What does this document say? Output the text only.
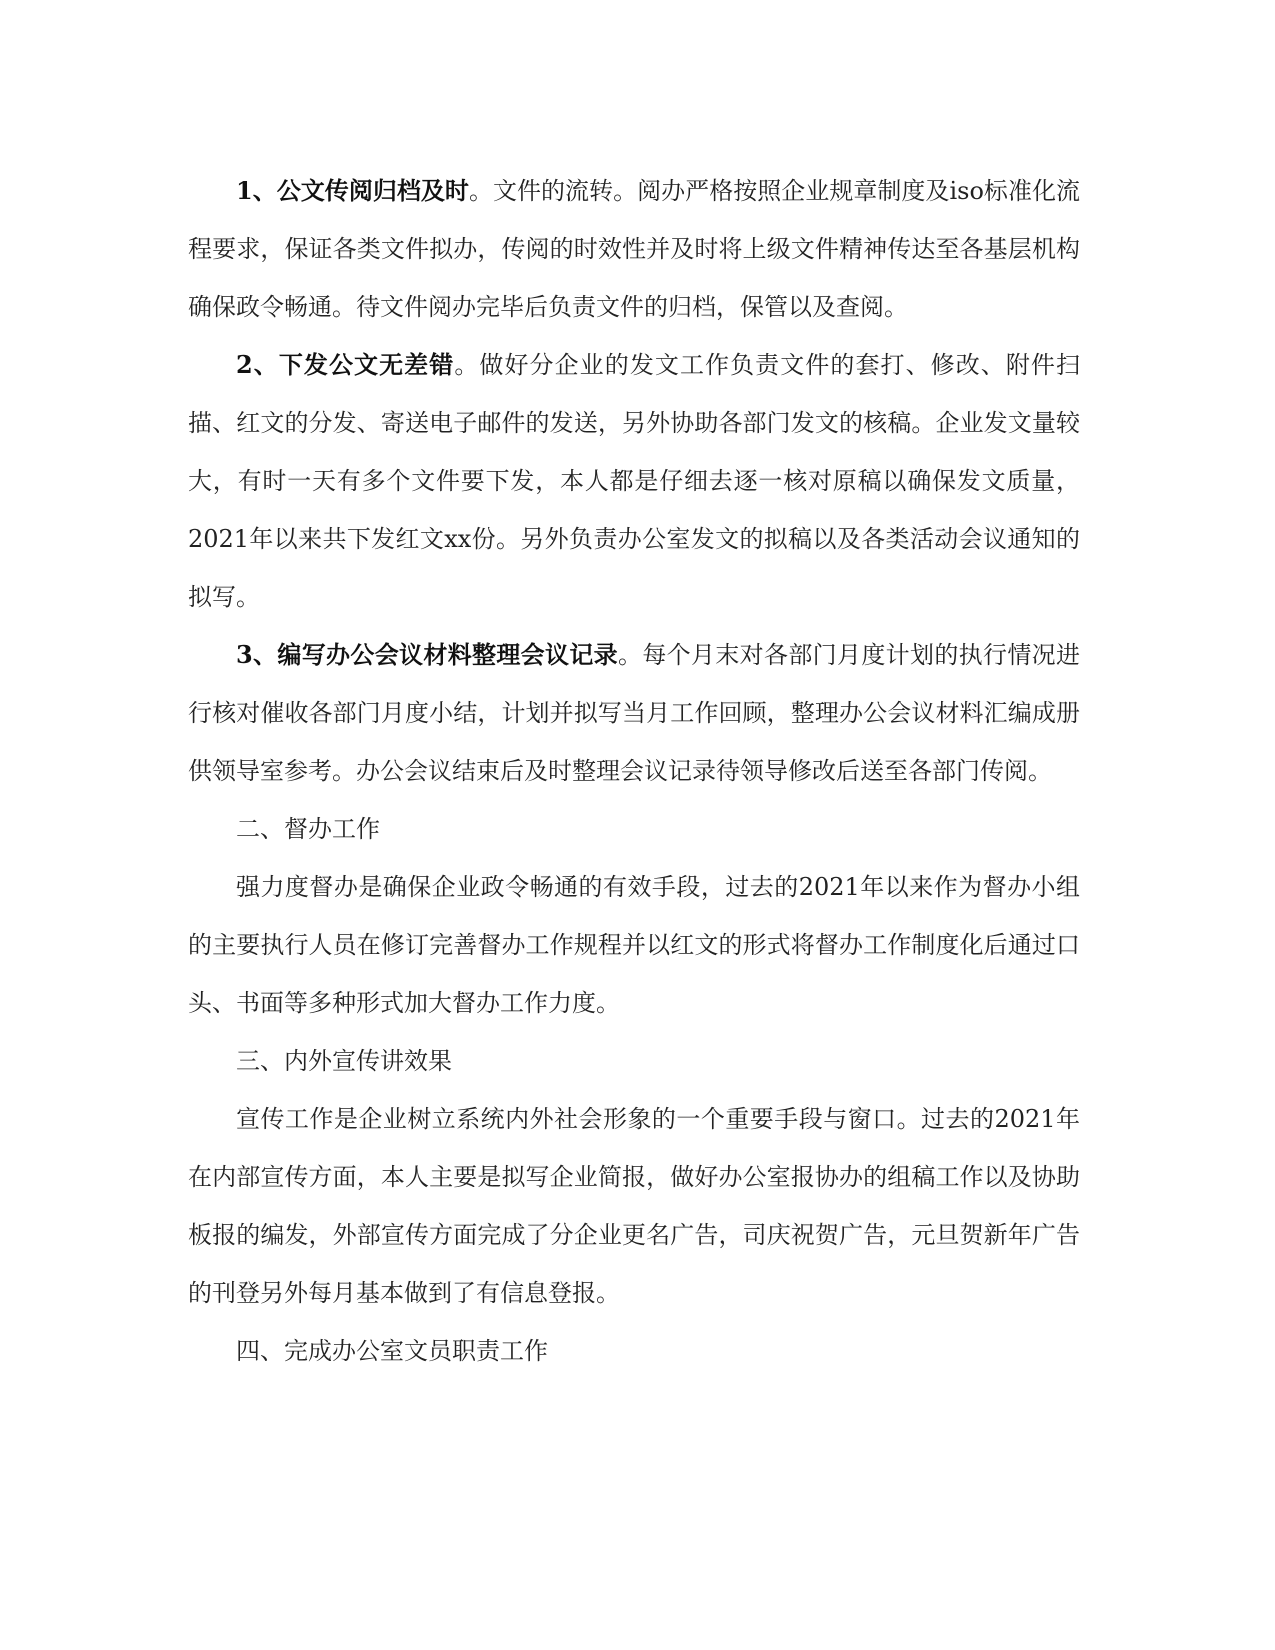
1、公文传阅归档及时。文件的流转。阅办严格按照企业规章制度及iso标准化流程要求，保证各类文件拟办，传阅的时效性并及时将上级文件精神传达至各基层机构确保政令畅通。待文件阅办完毕后负责文件的归档，保管以及查阅。

2、下发公文无差错。做好分企业的发文工作负责文件的套打、修改、附件扫描、红文的分发、寄送电子邮件的发送，另外协助各部门发文的核稿。企业发文量较大，有时一天有多个文件要下发，本人都是仔细去逐一核对原稿以确保发文质量，2021年以来共下发红文xx份。另外负责办公室发文的拟稿以及各类活动会议通知的拟写。

3、编写办公会议材料整理会议记录。每个月末对各部门月度计划的执行情况进行核对催收各部门月度小结，计划并拟写当月工作回顾，整理办公会议材料汇编成册供领导室参考。办公会议结束后及时整理会议记录待领导修改后送至各部门传阅。

二、督办工作

强力度督办是确保企业政令畅通的有效手段，过去的2021年以来作为督办小组的主要执行人员在修订完善督办工作规程并以红文的形式将督办工作制度化后通过口头、书面等多种形式加大督办工作力度。

三、内外宣传讲效果

宣传工作是企业树立系统内外社会形象的一个重要手段与窗口。过去的2021年在内部宣传方面，本人主要是拟写企业简报，做好办公室报协办的组稿工作以及协助板报的编发，外部宣传方面完成了分企业更名广告，司庆祝贺广告，元旦贺新年广告的刊登另外每月基本做到了有信息登报。

四、完成办公室文员职责工作
